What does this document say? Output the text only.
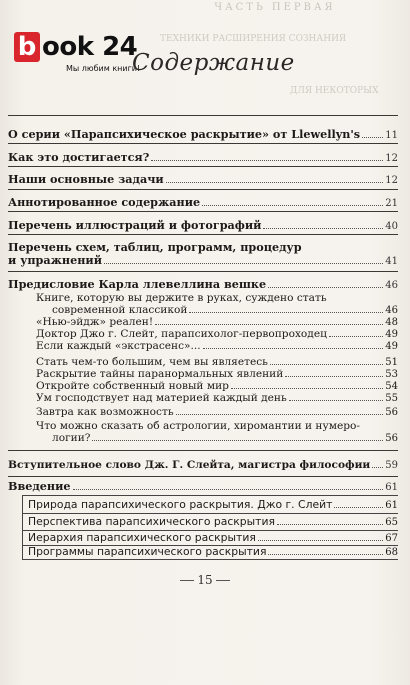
ЧАСТЬ ПЕРВАЯ
ТЕХНИКИ РАСШИРЕНИЯ СОЗНАНИЯ
ДЛЯ НЕКОТОРЫХ
b ook 24
Мы любим книги!
Содержание
О серии «Парапсихическое раскрытие» от Llewellyn's	11
Как это достигается?	12
Наши основные задачи	12
Аннотированное содержание	21
Перечень иллюстраций и фотографий	40
Перечень схем, таблиц, программ, процедур
и упражнений	41
Предисловие Карла ллевеллина вешке	46
Книге, которую вы держите в руках, суждено стать
современной классикой	46
«Нью-эйдж» реален!	48
Доктор Джо г. Слейт, парапсихолог-первопроходец	49
Если каждый «экстрасенс»...	49
Стать чем-то большим, чем вы являетесь	51
Раскрытие тайны паранормальных явлений	53
Откройте собственный новый мир	54
Ум господствует над материей каждый день	55
Завтра как возможность	56
Что можно сказать об астрологии, хиромантии и нумеро-
логии?	56
Вступительное слово Дж. Г. Слейта, магистра философии 59
Введение	61
Природа парапсихического раскрытия. Джо г. Слейт	61
Перспектива парапсихического раскрытия	65
Иерархия парапсихического раскрытия	67
Программы парапсихического раскрытия	68
15
